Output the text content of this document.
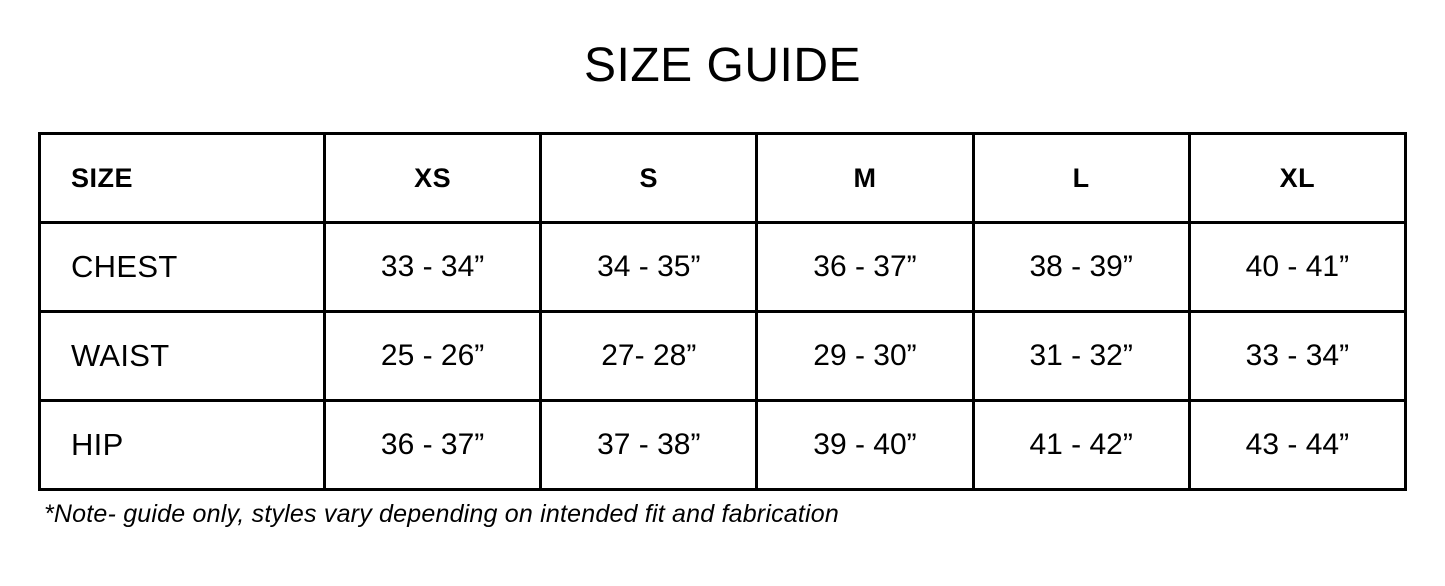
SIZE GUIDE
SIZE	XS	S	M	L	XL
CHEST	33 - 34”	34 - 35”	36 - 37”	38 - 39”	40 - 41”
WAIST	25 - 26”	27- 28”	29 - 30”	31 - 32”	33 - 34”
HIP	36 - 37”	37 - 38”	39 - 40”	41 - 42”	43 - 44”
*Note- guide only, styles vary depending on intended fit and fabrication
